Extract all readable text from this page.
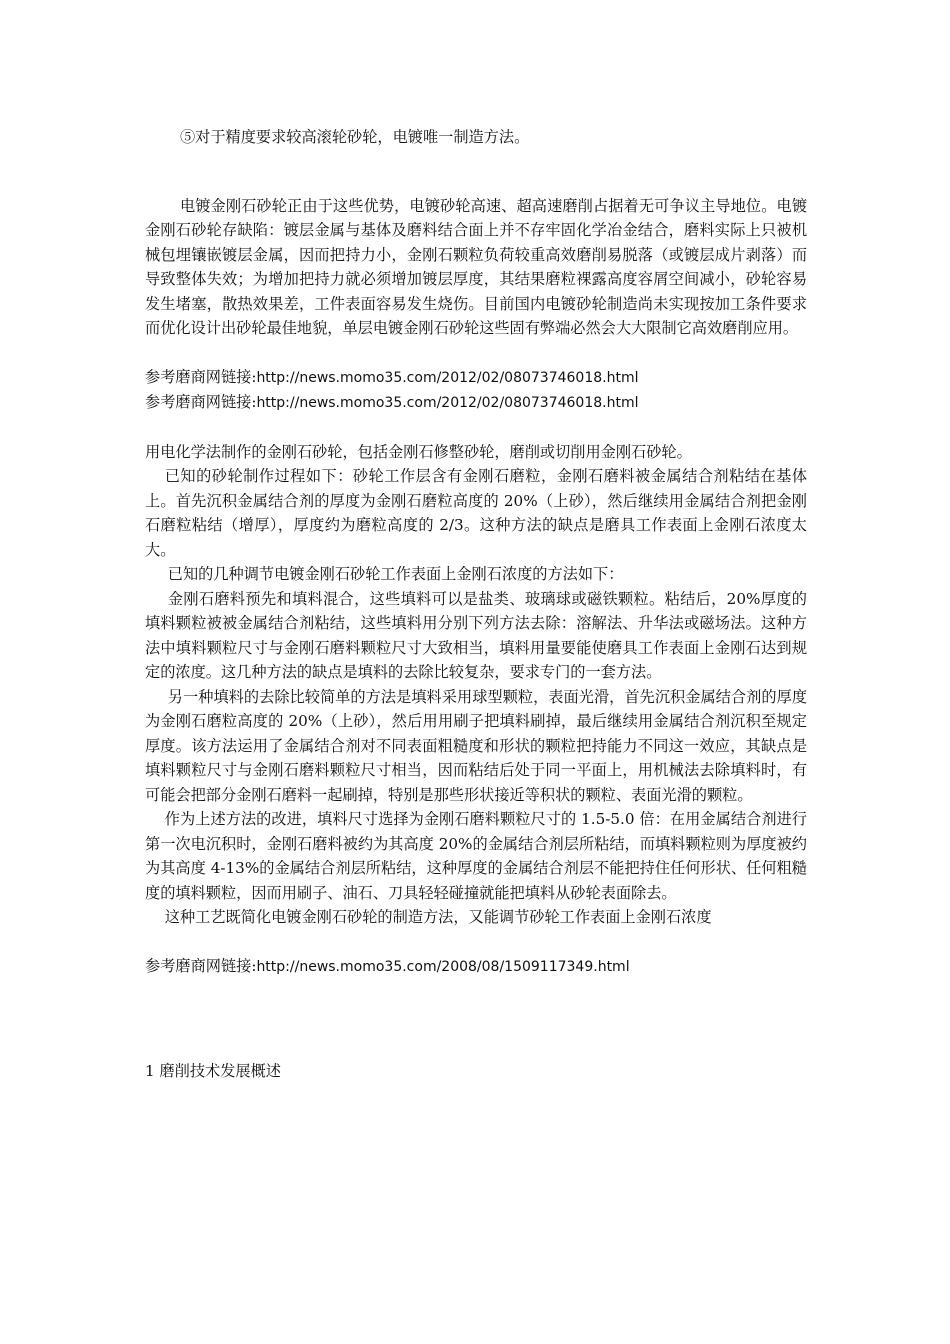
⑤对于精度要求较高滚轮砂轮，电镀唯一制造方法。

电镀金刚石砂轮正由于这些优势，电镀砂轮高速、超高速磨削占据着无可争议主导地位。电镀金刚石砂轮存缺陷：镀层金属与基体及磨料结合面上并不存牢固化学冶金结合，磨料实际上只被机械包埋镶嵌镀层金属，因而把持力小，金刚石颗粒负荷较重高效磨削易脱落（或镀层成片剥落）而导致整体失效；为增加把持力就必须增加镀层厚度，其结果磨粒裸露高度容屑空间减小，砂轮容易发生堵塞，散热效果差，工件表面容易发生烧伤。目前国内电镀砂轮制造尚未实现按加工条件要求而优化设计出砂轮最佳地貌，单层电镀金刚石砂轮这些固有弊端必然会大大限制它高效磨削应用。

参考磨商网链接:http://news.momo35.com/2012/02/08073746018.html

参考磨商网链接:http://news.momo35.com/2012/02/08073746018.html

用电化学法制作的金刚石砂轮，包括金刚石修整砂轮，磨削或切削用金刚石砂轮。

已知的砂轮制作过程如下：砂轮工作层含有金刚石磨粒，金刚石磨料被金属结合剂粘结在基体上。首先沉积金属结合剂的厚度为金刚石磨粒高度的 20%（上砂），然后继续用金属结合剂把金刚石磨粒粘结（增厚），厚度约为磨粒高度的 2/3。这种方法的缺点是磨具工作表面上金刚石浓度太大。

已知的几种调节电镀金刚石砂轮工作表面上金刚石浓度的方法如下：

金刚石磨料预先和填料混合，这些填料可以是盐类、玻璃球或磁铁颗粒。粘结后，20%厚度的填料颗粒被被金属结合剂粘结，这些填料用分别下列方法去除：溶解法、升华法或磁场法。这种方法中填料颗粒尺寸与金刚石磨料颗粒尺寸大致相当，填料用量要能使磨具工作表面上金刚石达到规定的浓度。这几种方法的缺点是填料的去除比较复杂，要求专门的一套方法。

另一种填料的去除比较简单的方法是填料采用球型颗粒，表面光滑，首先沉积金属结合剂的厚度为金刚石磨粒高度的 20%（上砂），然后用用刷子把填料刷掉，最后继续用金属结合剂沉积至规定厚度。该方法运用了金属结合剂对不同表面粗糙度和形状的颗粒把持能力不同这一效应，其缺点是填料颗粒尺寸与金刚石磨料颗粒尺寸相当，因而粘结后处于同一平面上，用机械法去除填料时，有可能会把部分金刚石磨料一起刷掉，特别是那些形状接近等积状的颗粒、表面光滑的颗粒。

作为上述方法的改进，填料尺寸选择为金刚石磨料颗粒尺寸的 1.5-5.0 倍：在用金属结合剂进行第一次电沉积时，金刚石磨料被约为其高度 20%的金属结合剂层所粘结，而填料颗粒则为厚度被约为其高度 4-13%的金属结合剂层所粘结，这种厚度的金属结合剂层不能把持住任何形状、任何粗糙度的填料颗粒，因而用刷子、油石、刀具轻轻碰撞就能把填料从砂轮表面除去。

这种工艺既简化电镀金刚石砂轮的制造方法，又能调节砂轮工作表面上金刚石浓度

参考磨商网链接:http://news.momo35.com/2008/08/1509117349.html

1 磨削技术发展概述
